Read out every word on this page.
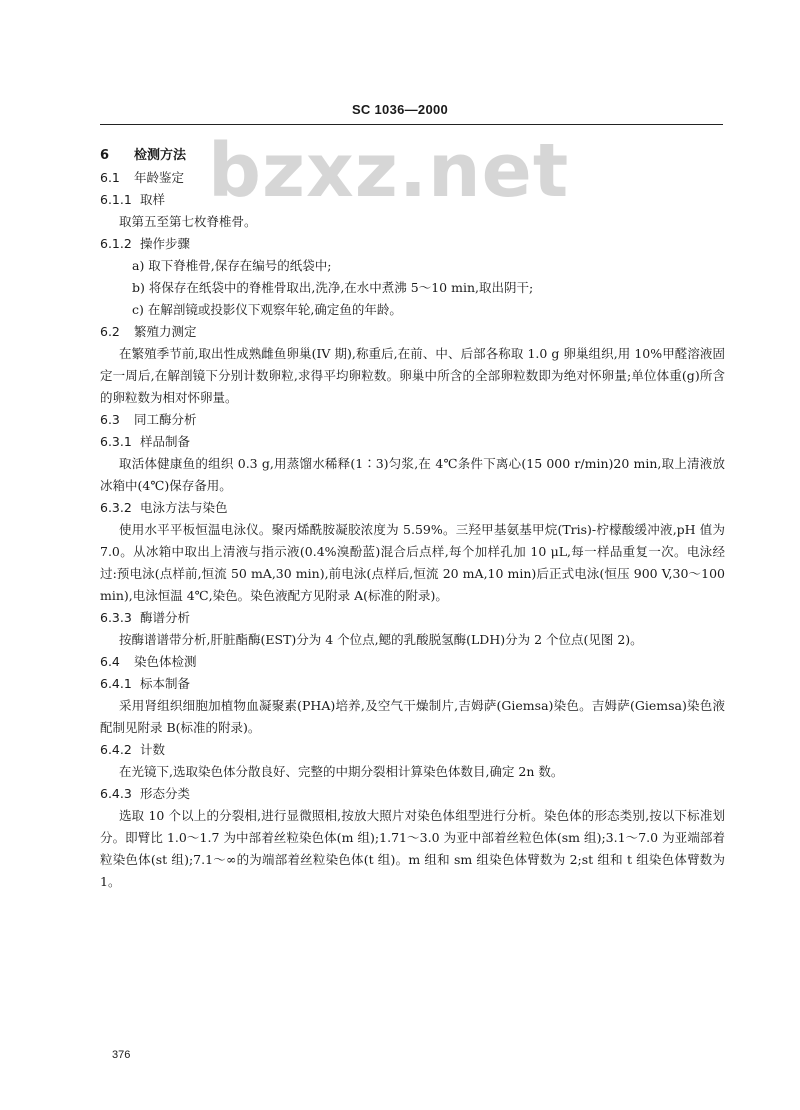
SC 1036—2000
bzxz.net
6 检测方法
6.1 年龄鉴定
6.1.1 取样
取第五至第七枚脊椎骨。
6.1.2 操作步骤
a) 取下脊椎骨,保存在编号的纸袋中;
b) 将保存在纸袋中的脊椎骨取出,洗净,在水中煮沸 5～10 min,取出阴干;
c) 在解剖镜或投影仪下观察年轮,确定鱼的年龄。
6.2 繁殖力测定
在繁殖季节前,取出性成熟雌鱼卵巢(IV 期),称重后,在前、中、后部各称取 1.0 g 卵巢组织,用 10%甲醛溶液固定一周后,在解剖镜下分别计数卵粒,求得平均卵粒数。卵巢中所含的全部卵粒数即为绝对怀卵量;单位体重(g)所含的卵粒数为相对怀卵量。
6.3 同工酶分析
6.3.1 样品制备
取活体健康鱼的组织 0.3 g,用蒸馏水稀释(1∶3)匀浆,在 4℃条件下离心(15 000 r/min)20 min,取上清液放冰箱中(4℃)保存备用。
6.3.2 电泳方法与染色
使用水平平板恒温电泳仪。聚丙烯酰胺凝胶浓度为 5.59%。三羟甲基氨基甲烷(Tris)-柠檬酸缓冲液,pH 值为 7.0。从冰箱中取出上清液与指示液(0.4%溴酚蓝)混合后点样,每个加样孔加 10 μL,每一样品重复一次。电泳经过:预电泳(点样前,恒流 50 mA,30 min),前电泳(点样后,恒流 20 mA,10 min)后正式电泳(恒压 900 V,30～100 min),电泳恒温 4℃,染色。染色液配方见附录 A(标准的附录)。
6.3.3 酶谱分析
按酶谱谱带分析,肝脏酯酶(EST)分为 4 个位点,鳃的乳酸脱氢酶(LDH)分为 2 个位点(见图 2)。
6.4 染色体检测
6.4.1 标本制备
采用肾组织细胞加植物血凝聚素(PHA)培养,及空气干燥制片,吉姆萨(Giemsa)染色。吉姆萨(Giemsa)染色液配制见附录 B(标准的附录)。
6.4.2 计数
在光镜下,选取染色体分散良好、完整的中期分裂相计算染色体数目,确定 2n 数。
6.4.3 形态分类
选取 10 个以上的分裂相,进行显微照相,按放大照片对染色体组型进行分析。染色体的形态类别,按以下标准划分。即臂比 1.0～1.7 为中部着丝粒染色体(m 组);1.71～3.0 为亚中部着丝粒色体(sm 组);3.1～7.0 为亚端部着粒染色体(st 组);7.1～∞的为端部着丝粒染色体(t 组)。m 组和 sm 组染色体臂数为 2;st 组和 t 组染色体臂数为 1。
376
